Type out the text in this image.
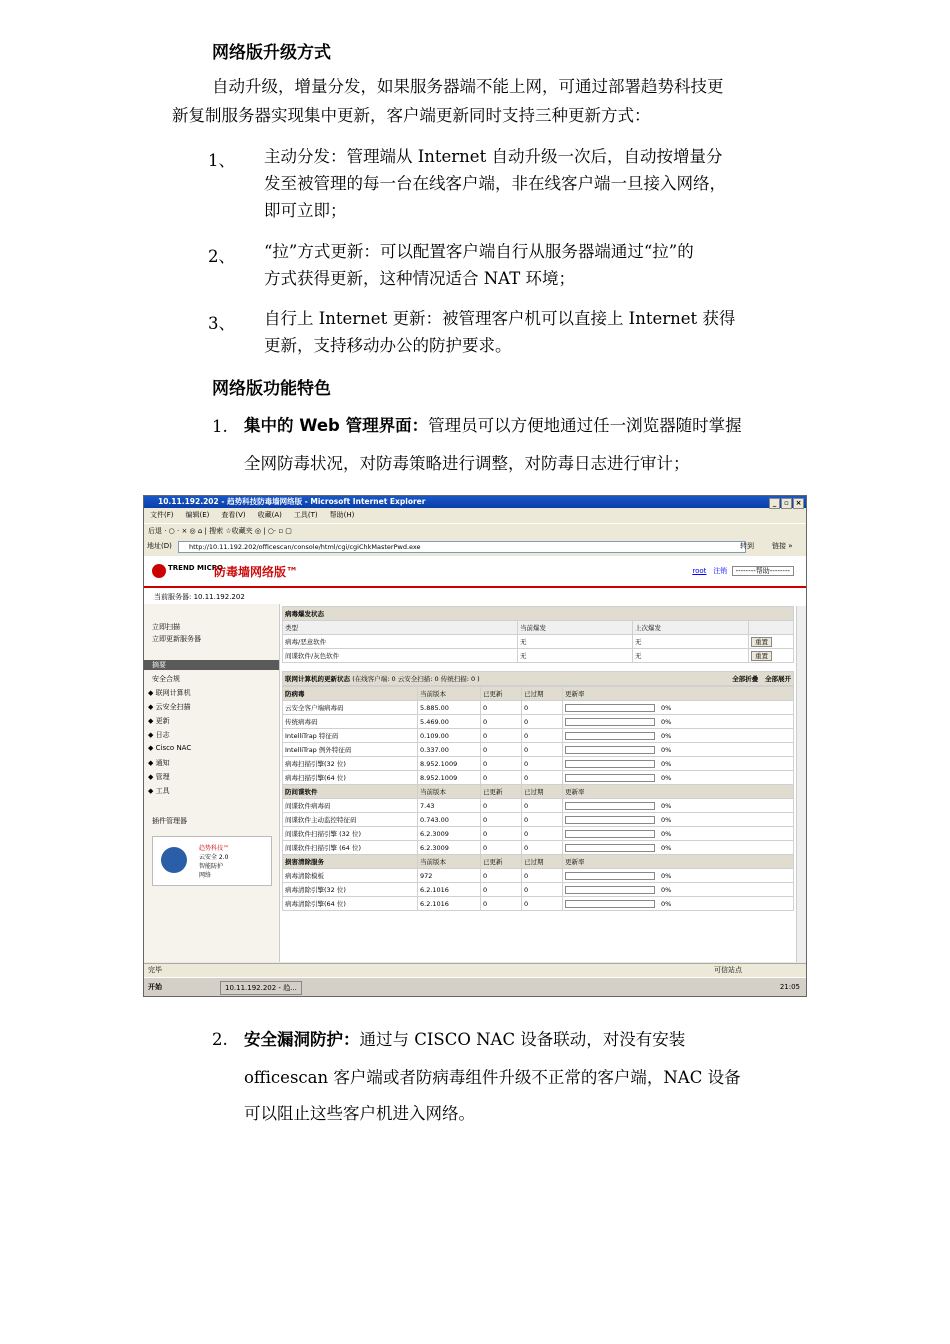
网络版升级方式
自动升级，增量分发，如果服务器端不能上网，可通过部署趋势科技更
新复制服务器实现集中更新，客户端更新同时支持三种更新方式：
1、 主动分发：管理端从 Internet 自动升级一次后，自动按增量分
发至被管理的每一台在线客户端，非在线客户端一旦接入网络，
即可立即；
2、 “拉”方式更新：可以配置客户端自行从服务器端通过“拉”的
方式获得更新，这种情况适合 NAT 环境；
3、 自行上 Internet 更新：被管理客户机可以直接上 Internet 获得
更新，支持移动办公的防护要求。
网络版功能特色
1. 集中的 Web 管理界面：管理员可以方便地通过任一浏览器随时掌握
全网防毒状况，对防毒策略进行调整，对防毒日志进行审计；
10.11.192.202 - 趋势科技防毒墙网络版 - Microsoft Internet Explorer	_ ▫ ×
文件(F) 编辑(E) 查看(V) 收藏(A) 工具(T) 帮助(H)
后退 · ○ · × ◎ ⌂ | 搜索 ☆收藏夹 ◎ | ○· ▫ ▢
地址(D)	http://10.11.192.202/officescan/console/html/cgi/cgiChkMasterPwd.exe	转到	链接 »
TREND MICRO
防毒墙网络版™	root 注销 --------帮助--------
当前服务器: 10.11.192.202
立即扫描
立即更新服务器
摘要
安全合规
◆ 联网计算机
◆ 云安全扫描
◆ 更新
◆ 日志
◆ Cisco NAC
◆ 通知
◆ 管理
◆ 工具
插件管理器
趋势科技™
云安全 2.0
智能防护
网络
病毒爆发状态			
类型	当前爆发	上次爆发	
病毒/恶意软件	无	无	重置
间谍软件/灰色软件	无	无	重置
联网计算机的更新状态 (在线客户端: 0 云安全扫描: 0 传统扫描: 0 )	全部折叠 全部展开
防病毒	当前版本	已更新	已过期	更新率
云安全客户端病毒码	5.885.00	0	0	0%
传统病毒码	5.469.00	0	0	0%
IntelliTrap 特征码	0.109.00	0	0	0%
IntelliTrap 例外特征码	0.337.00	0	0	0%
病毒扫描引擎(32 位)	8.952.1009	0	0	0%
病毒扫描引擎(64 位)	8.952.1009	0	0	0%
防间谍软件	当前版本	已更新	已过期	更新率
间谍软件病毒码	7.43	0	0	0%
间谍软件主动监控特征码	0.743.00	0	0	0%
间谍软件扫描引擎 (32 位)	6.2.3009	0	0	0%
间谍软件扫描引擎 (64 位)	6.2.3009	0	0	0%
损害清除服务	当前版本	已更新	已过期	更新率
病毒清除模板	972	0	0	0%
病毒清除引擎(32 位)	6.2.1016	0	0	0%
病毒清除引擎(64 位)	6.2.1016	0	0	0%
完毕	可信站点
开始	10.11.192.202 - 趋...	21:05
2. 安全漏洞防护：通过与 CISCO NAC 设备联动，对没有安装
officescan 客户端或者防病毒组件升级不正常的客户端，NAC 设备
可以阻止这些客户机进入网络。
